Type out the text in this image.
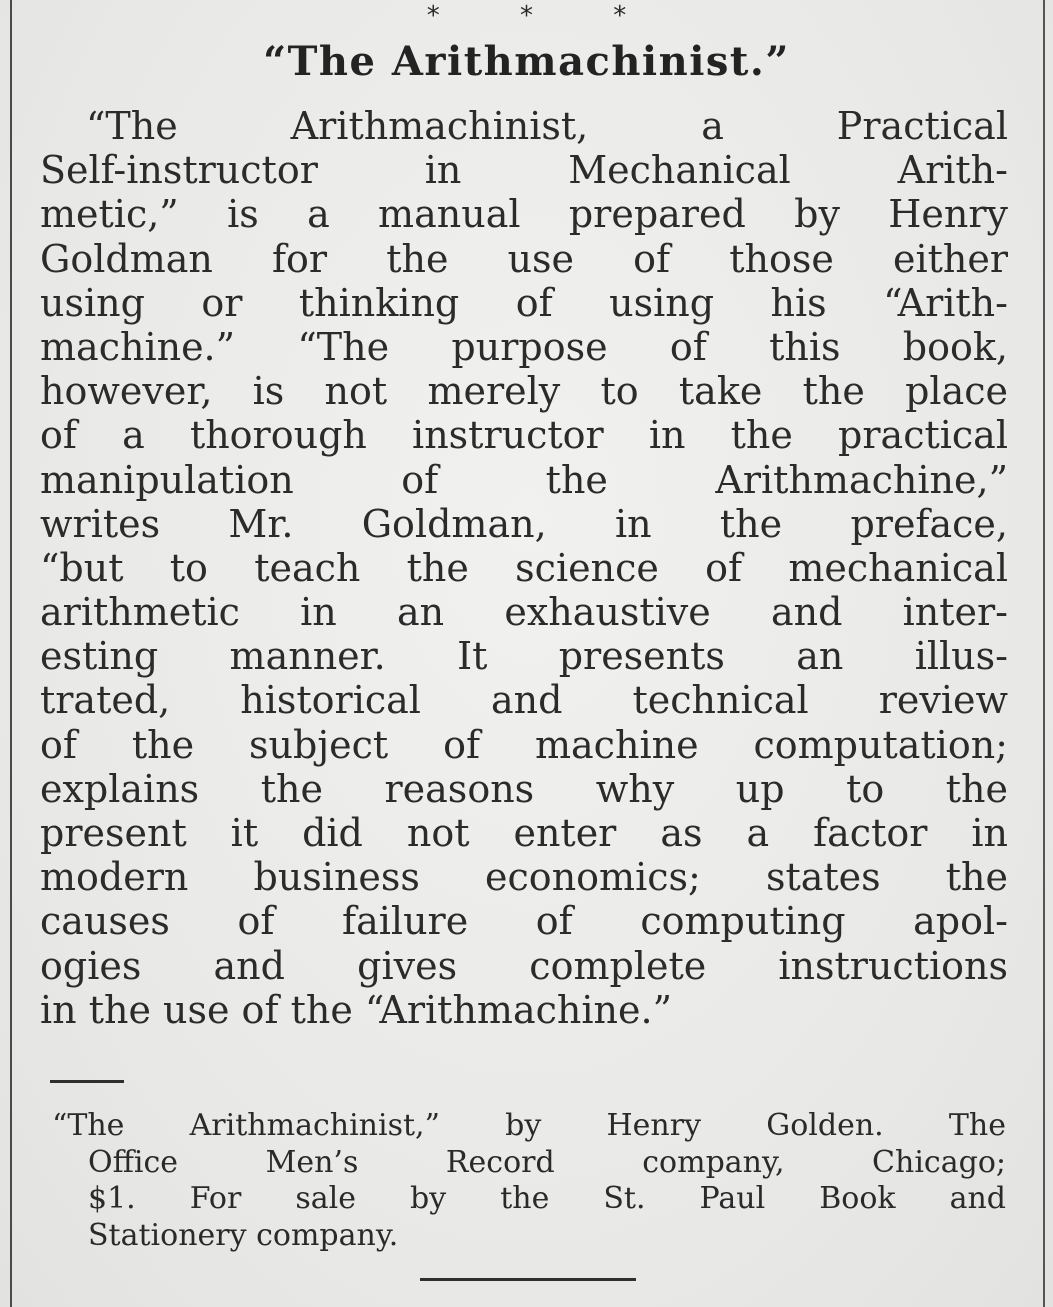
* * *
“The Arithmachinist.”
“The Arithmachinist, a Practical
Self-instructor in Mechanical Arith-
metic,” is a manual prepared by Henry
Goldman for the use of those either
using or thinking of using his “Arith-
machine.” “The purpose of this book,
however, is not merely to take the place
of a thorough instructor in the practical
manipulation of the Arithmachine,”
writes Mr. Goldman, in the preface,
“but to teach the science of mechanical
arithmetic in an exhaustive and inter-
esting manner. It presents an illus-
trated, historical and technical review
of the subject of machine computation;
explains the reasons why up to the
present it did not enter as a factor in
modern business economics; states the
causes of failure of computing apol-
ogies and gives complete instructions
in the use of the “Arithmachine.”
“The Arithmachinist,” by Henry Golden. The
Office Men’s Record company, Chicago;
$1. For sale by the St. Paul Book and
Stationery company.
